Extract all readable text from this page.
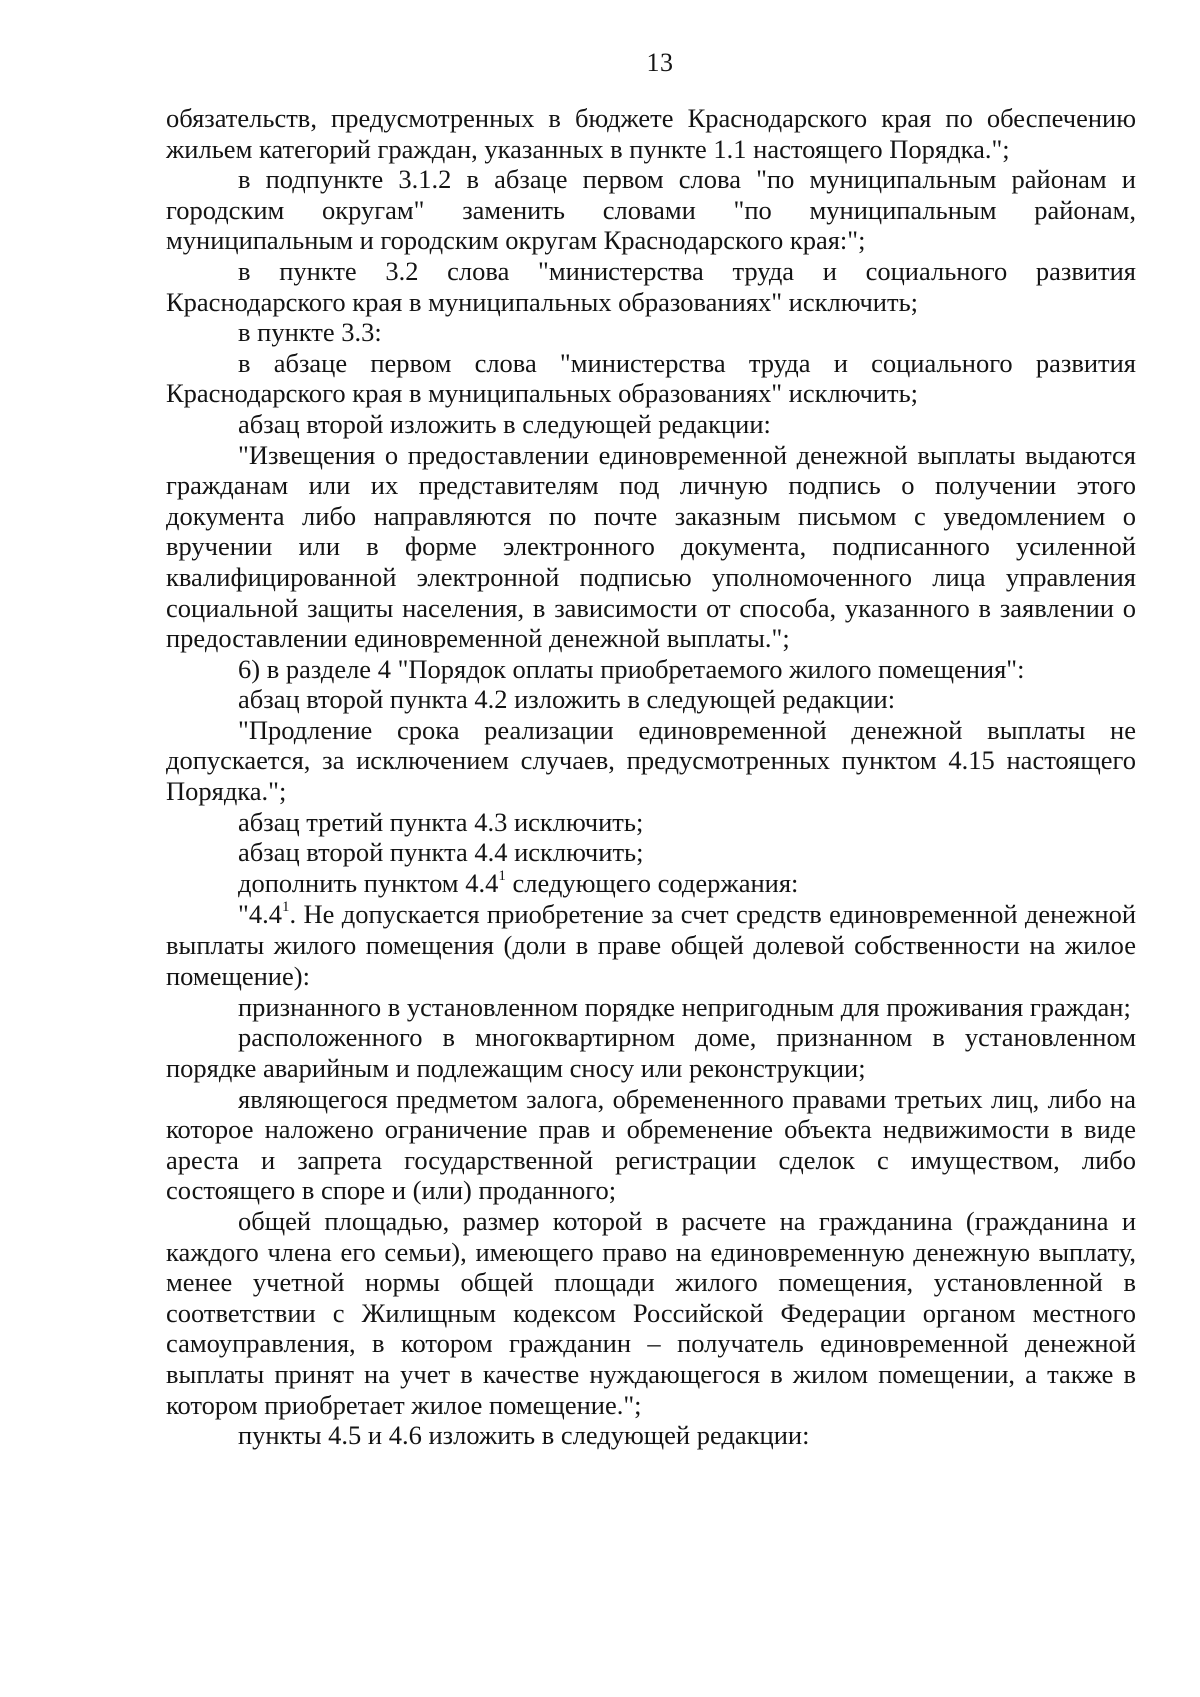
13

обязательств, предусмотренных в бюджете Краснодарского края по обеспечению жильем категорий граждан, указанных в пункте 1.1 настоящего Порядка.";

в подпункте 3.1.2 в абзаце первом слова "по муниципальным районам и городским округам" заменить словами "по муниципальным районам, муниципальным и городским округам Краснодарского края:";

в пункте 3.2 слова "министерства труда и социального развития Краснодарского края в муниципальных образованиях" исключить;

в пункте 3.3:

в абзаце первом слова "министерства труда и социального развития Краснодарского края в муниципальных образованиях" исключить;

абзац второй изложить в следующей редакции:

"Извещения о предоставлении единовременной денежной выплаты выдаются гражданам или их представителям под личную подпись о получении этого документа либо направляются по почте заказным письмом с уведомлением о вручении или в форме электронного документа, подписанного усиленной квалифицированной электронной подписью уполномоченного лица управления социальной защиты населения, в зависимости от способа, указанного в заявлении о предоставлении единовременной денежной выплаты.";

6) в разделе 4 "Порядок оплаты приобретаемого жилого помещения":

абзац второй пункта 4.2 изложить в следующей редакции:

"Продление срока реализации единовременной денежной выплаты не допускается, за исключением случаев, предусмотренных пунктом 4.15 настоящего Порядка.";

абзац третий пункта 4.3 исключить;

абзац второй пункта 4.4 исключить;

дополнить пунктом $4.4^1$ следующего содержания:

"$4.4^1$. Не допускается приобретение за счет средств единовременной денежной выплаты жилого помещения (доли в праве общей долевой собственности на жилое помещение):

признанного в установленном порядке непригодным для проживания граждан;

расположенного в многоквартирном доме, признанном в установленном порядке аварийным и подлежащим сносу или реконструкции;

являющегося предметом залога, обремененного правами третьих лиц, либо на которое наложено ограничение прав и обременение объекта недвижимости в виде ареста и запрета государственной регистрации сделок с имуществом, либо состоящего в споре и (или) проданного;

общей площадью, размер которой в расчете на гражданина (гражданина и каждого члена его семьи), имеющего право на единовременную денежную выплату, менее учетной нормы общей площади жилого помещения, установленной в соответствии с Жилищным кодексом Российской Федерации органом местного самоуправления, в котором гражданин – получатель единовременной денежной выплаты принят на учет в качестве нуждающегося в жилом помещении, а также в котором приобретает жилое помещение.";

пункты 4.5 и 4.6 изложить в следующей редакции:
